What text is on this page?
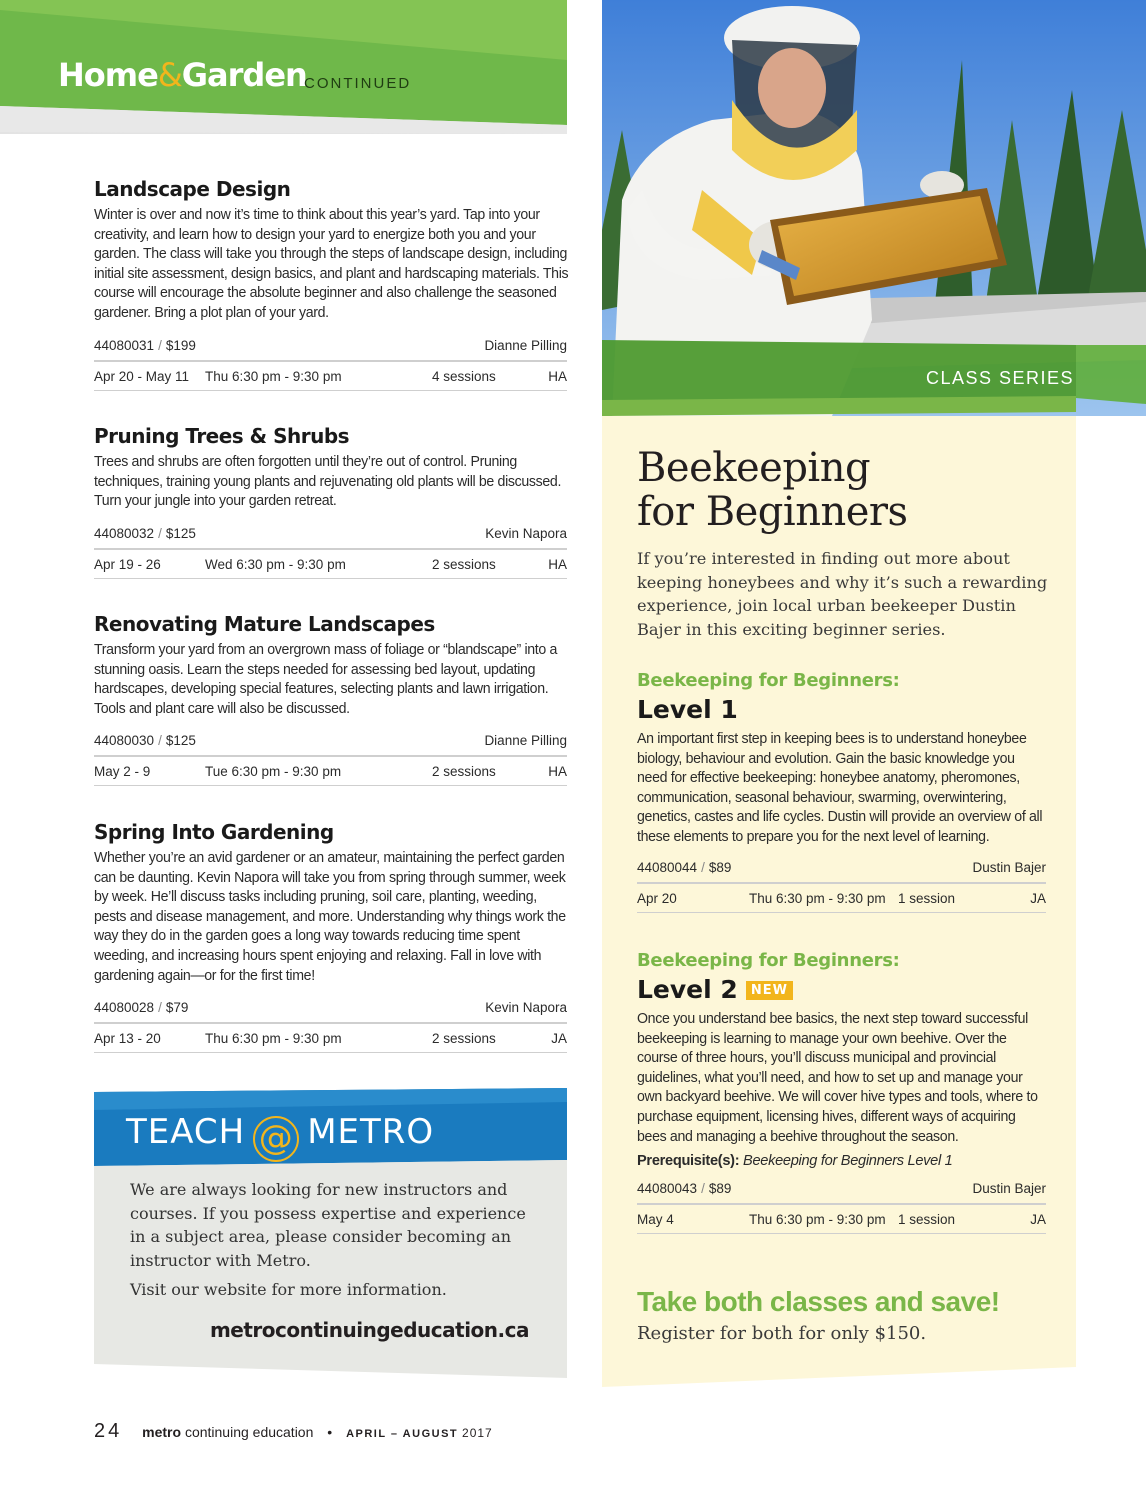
Home&Garden
CONTINUED
Landscape Design

Winter is over and now it’s time to think about this year’s yard. Tap into your creativity, and learn how to design your yard to energize both you and your garden. The class will take you through the steps of landscape design, including initial site assessment, design basics, and plant and hardscaping materials. This course will encourage the absolute beginner and also challenge the seasoned gardener. Bring a plot plan of your yard.

44080031 / $199	Dianne Pilling
Apr 20 - May 11 Thu 6:30 pm - 9:30 pm	4 sessions	HA
Pruning Trees & Shrubs

Trees and shrubs are often forgotten until they’re out of control. Pruning techniques, training young plants and rejuvenating old plants will be discussed. Turn your jungle into your garden retreat.

44080032 / $125	Kevin Napora
Apr 19 - 26	Wed 6:30 pm - 9:30 pm	2 sessions	HA
Renovating Mature Landscapes

Transform your yard from an overgrown mass of foliage or “blandscape” into a stunning oasis. Learn the steps needed for assessing bed layout, updating hardscapes, developing special features, selecting plants and lawn irrigation. Tools and plant care will also be discussed.

44080030 / $125	Dianne Pilling
May 2 - 9	Tue 6:30 pm - 9:30 pm	2 sessions	HA
Spring Into Gardening

Whether you’re an avid gardener or an amateur, maintaining the perfect garden can be daunting. Kevin Napora will take you from spring through summer, week by week. He’ll discuss tasks including pruning, soil care, planting, weeding, pests and disease management, and more. Understanding why things work the way they do in the garden goes a long way towards reducing time spent weeding, and increasing hours spent enjoying and relaxing. Fall in love with gardening again—or for the first time!

44080028 / $79	Kevin Napora
Apr 13 - 20	Thu 6:30 pm - 9:30 pm	2 sessions	JA
TEACH @ METRO
We are always looking for new instructors and courses. If you possess expertise and experience in a subject area, please consider becoming an instructor with Metro.
Visit our website for more information.
metrocontinuingeducation.ca
24 metro continuing education • APRIL – AUGUST 2017
CLASS SERIES
Beekeeping
for Beginners
If you’re interested in finding out more about keeping honeybees and why it’s such a rewarding experience, join local urban beekeeper Dustin Bajer in this exciting beginner series.
Beekeeping for Beginners:
Level 1

An important first step in keeping bees is to understand honeybee biology, behaviour and evolution. Gain the basic knowledge you need for effective beekeeping: honeybee anatomy, pheromones, communication, seasonal behaviour, swarming, overwintering, genetics, castes and life cycles. Dustin will provide an overview of all these elements to prepare you for the next level of learning.

44080044 / $89	Dustin Bajer
Apr 20	Thu 6:30 pm - 9:30 pm 1 session	JA
Beekeeping for Beginners:
Level 2 NEW

Once you understand bee basics, the next step toward successful beekeeping is learning to manage your own beehive. Over the course of three hours, you’ll discuss municipal and provincial guidelines, what you’ll need, and how to set up and manage your own backyard beehive. We will cover hive types and tools, where to purchase equipment, licensing hives, different ways of acquiring bees and managing a beehive throughout the season.

Prerequisite(s): Beekeeping for Beginners Level 1
44080043 / $89	Dustin Bajer
May 4	Thu 6:30 pm - 9:30 pm 1 session	JA
Take both classes and save!
Register for both for only $150.
